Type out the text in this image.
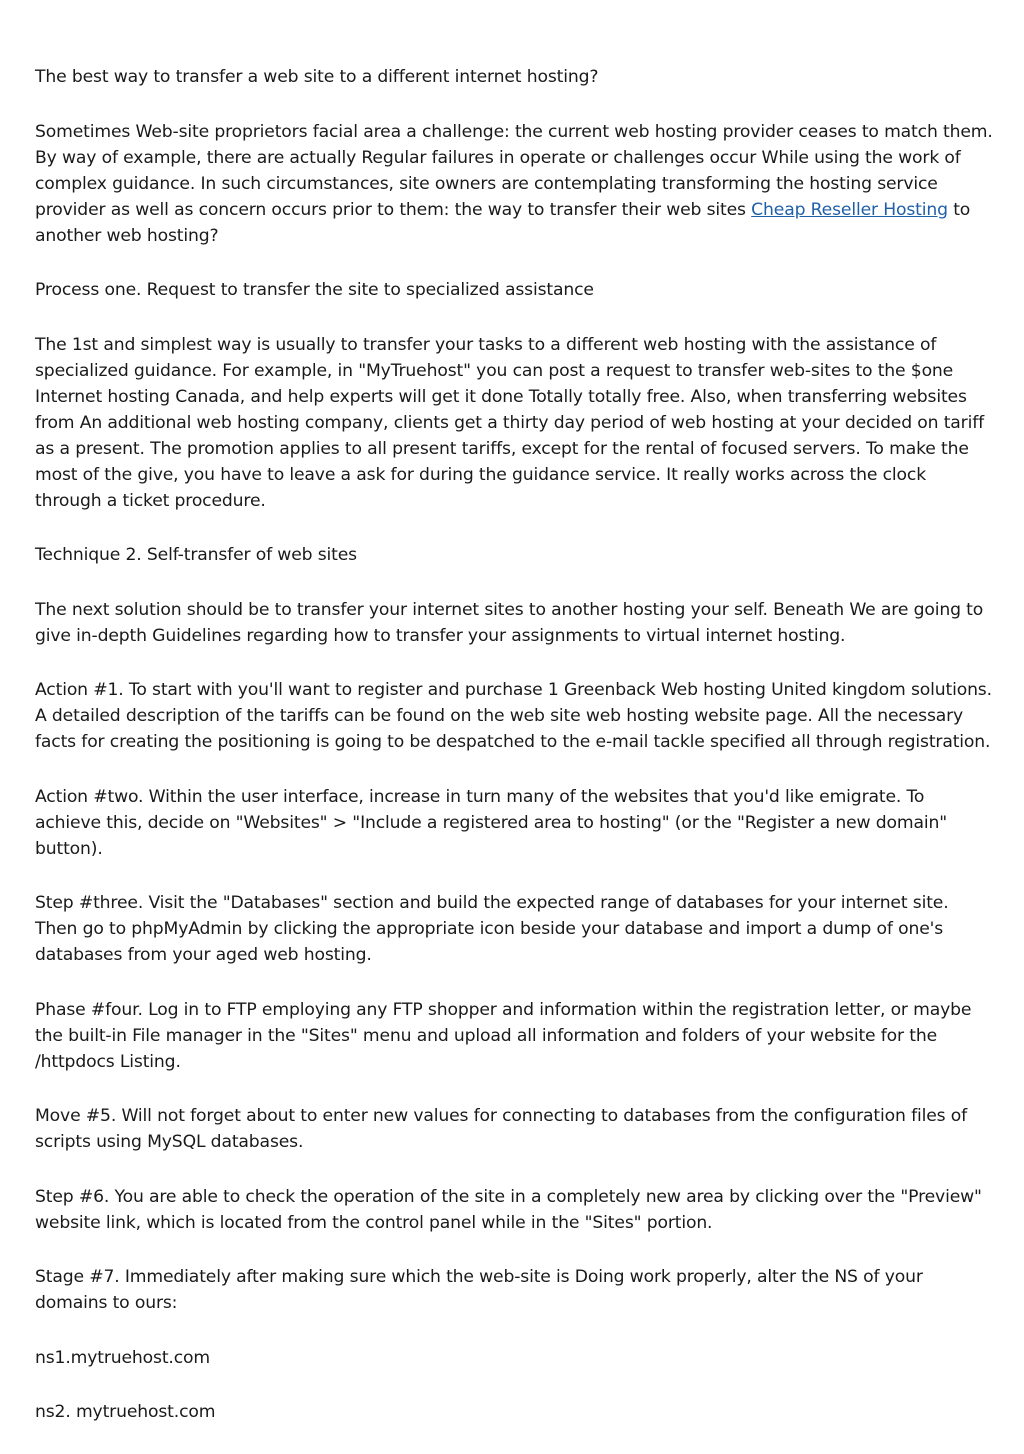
The best way to transfer a web site to a different internet hosting?

Sometimes Web-site proprietors facial area a challenge: the current web hosting provider ceases to match them. By way of example, there are actually Regular failures in operate or challenges occur While using the work of complex guidance. In such circumstances, site owners are contemplating transforming the hosting service provider as well as concern occurs prior to them: the way to transfer their web sites Cheap Reseller Hosting to another web hosting?

Process one. Request to transfer the site to specialized assistance

The 1st and simplest way is usually to transfer your tasks to a different web hosting with the assistance of specialized guidance. For example, in "MyTruehost" you can post a request to transfer web-sites to the $one Internet hosting Canada, and help experts will get it done Totally totally free. Also, when transferring websites from An additional web hosting company, clients get a thirty day period of web hosting at your decided on tariff as a present. The promotion applies to all present tariffs, except for the rental of focused servers. To make the most of the give, you have to leave a ask for during the guidance service. It really works across the clock through a ticket procedure.

Technique 2. Self-transfer of web sites

The next solution should be to transfer your internet sites to another hosting your self. Beneath We are going to give in-depth Guidelines regarding how to transfer your assignments to virtual internet hosting.

Action #1. To start with you'll want to register and purchase 1 Greenback Web hosting United kingdom solutions. A detailed description of the tariffs can be found on the web site web hosting website page. All the necessary facts for creating the positioning is going to be despatched to the e-mail tackle specified all through registration.

Action #two. Within the user interface, increase in turn many of the websites that you'd like emigrate. To achieve this, decide on "Websites" > "Include a registered area to hosting" (or the "Register a new domain" button).

Step #three. Visit the "Databases" section and build the expected range of databases for your internet site. Then go to phpMyAdmin by clicking the appropriate icon beside your database and import a dump of one's databases from your aged web hosting.

Phase #four. Log in to FTP employing any FTP shopper and information within the registration letter, or maybe the built-in File manager in the "Sites" menu and upload all information and folders of your website for the /httpdocs Listing.

Move #5. Will not forget about to enter new values for connecting to databases from the configuration files of scripts using MySQL databases.

Step #6. You are able to check the operation of the site in a completely new area by clicking over the "Preview" website link, which is located from the control panel while in the "Sites" portion.

Stage #7. Immediately after making sure which the web-site is Doing work properly, alter the NS of your domains to ours:

ns1.mytruehost.com

ns2. mytruehost.com
